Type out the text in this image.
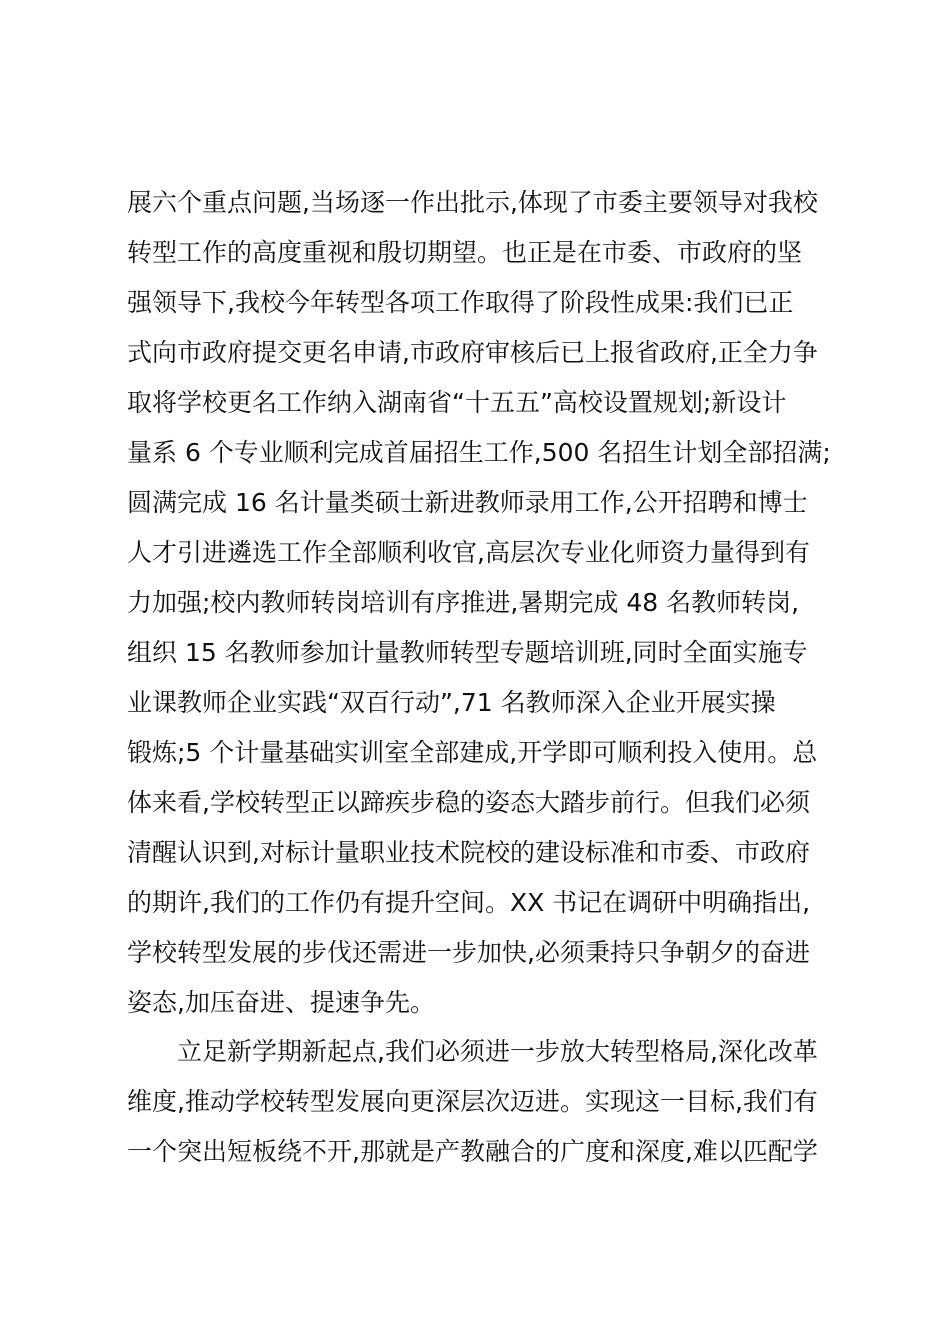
展六个重点问题,当场逐一作出批示,体现了市委主要领导对我校
转型工作的高度重视和殷切期望。也正是在市委、市政府的坚
强领导下,我校今年转型各项工作取得了阶段性成果:我们已正
式向市政府提交更名申请,市政府审核后已上报省政府,正全力争
取将学校更名工作纳入湖南省“十五五”高校设置规划;新设计
量系 6 个专业顺利完成首届招生工作,500 名招生计划全部招满;
圆满完成 16 名计量类硕士新进教师录用工作,公开招聘和博士
人才引进遴选工作全部顺利收官,高层次专业化师资力量得到有
力加强;校内教师转岗培训有序推进,暑期完成 48 名教师转岗,
组织 15 名教师参加计量教师转型专题培训班,同时全面实施专
业课教师企业实践“双百行动”,71 名教师深入企业开展实操
锻炼;5 个计量基础实训室全部建成,开学即可顺利投入使用。总
体来看,学校转型正以蹄疾步稳的姿态大踏步前行。但我们必须
清醒认识到,对标计量职业技术院校的建设标准和市委、市政府
的期许,我们的工作仍有提升空间。XX 书记在调研中明确指出,
学校转型发展的步伐还需进一步加快,必须秉持只争朝夕的奋进
姿态,加压奋进、提速争先。
　　立足新学期新起点,我们必须进一步放大转型格局,深化改革
维度,推动学校转型发展向更深层次迈进。实现这一目标,我们有
一个突出短板绕不开,那就是产教融合的广度和深度,难以匹配学
